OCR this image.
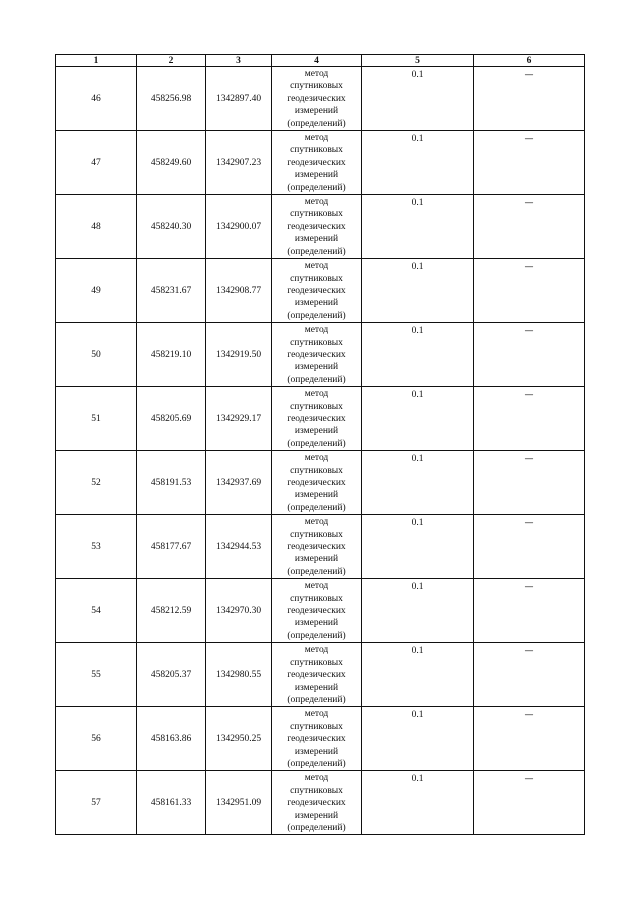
1	2	3	4	5	6
46	458256.98	1342897.40	метод
спутниковых
геодезических
измерений
(определений)	0.1	—
47	458249.60	1342907.23	метод
спутниковых
геодезических
измерений
(определений)	0.1	—
48	458240.30	1342900.07	метод
спутниковых
геодезических
измерений
(определений)	0.1	—
49	458231.67	1342908.77	метод
спутниковых
геодезических
измерений
(определений)	0.1	—
50	458219.10	1342919.50	метод
спутниковых
геодезических
измерений
(определений)	0.1	—
51	458205.69	1342929.17	метод
спутниковых
геодезических
измерений
(определений)	0.1	—
52	458191.53	1342937.69	метод
спутниковых
геодезических
измерений
(определений)	0.1	—
53	458177.67	1342944.53	метод
спутниковых
геодезических
измерений
(определений)	0.1	—
54	458212.59	1342970.30	метод
спутниковых
геодезических
измерений
(определений)	0.1	—
55	458205.37	1342980.55	метод
спутниковых
геодезических
измерений
(определений)	0.1	—
56	458163.86	1342950.25	метод
спутниковых
геодезических
измерений
(определений)	0.1	—
57	458161.33	1342951.09	метод
спутниковых
геодезических
измерений
(определений)	0.1	—
